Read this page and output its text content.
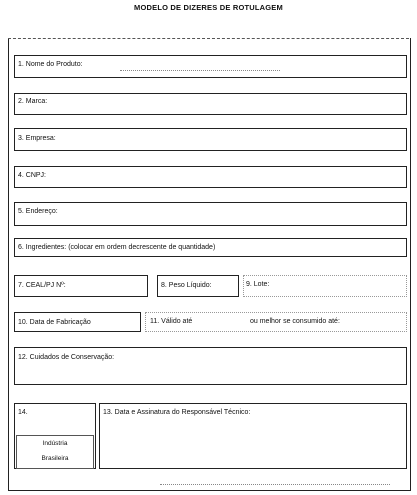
MODELO DE DIZERES DE ROTULAGEM
1. Nome do Produto:
2. Marca:
3. Empresa:
4. CNPJ:
5. Endereço:
6. Ingredientes: (colocar em ordem decrescente de quantidade)
7. CEAL/PJ Nº:	8. Peso Líquido:	9. Lote:
10. Data de Fabricação	11. Válido até	ou melhor se consumido até:
12. Cuidados de Conservação:
14.
Indústria
Brasileira
13. Data e Assinatura do Responsável Técnico:
